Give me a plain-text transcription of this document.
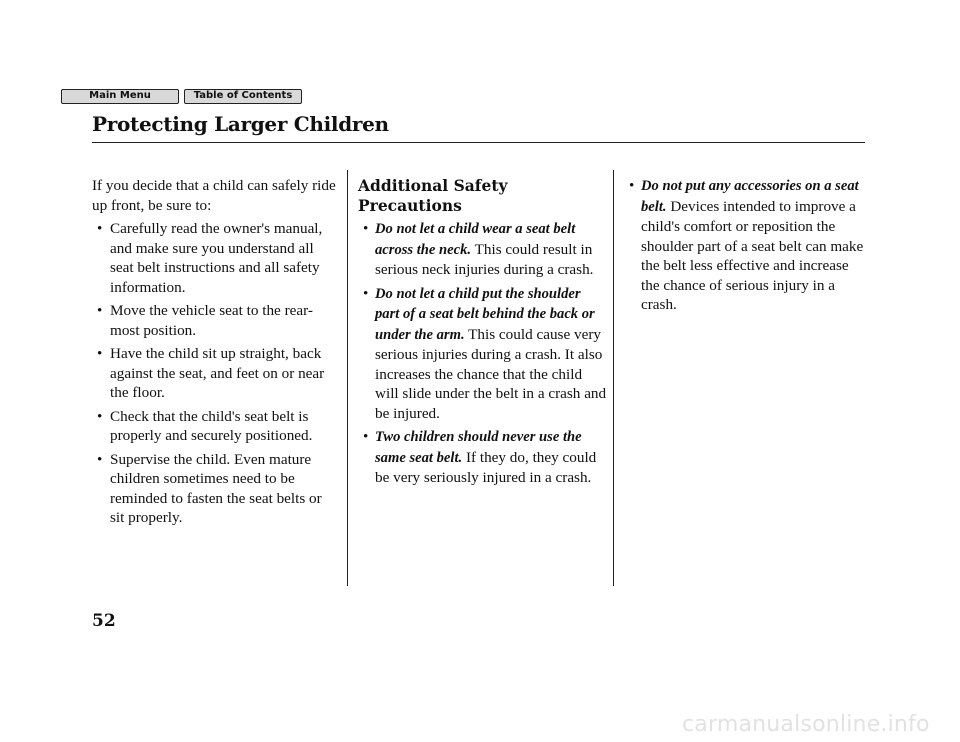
Main Menu	Table of Contents
Protecting Larger Children

If you decide that a child can safely ride up front, be sure to:

• Carefully read the owner's manual, and make sure you understand all seat belt instructions and all safety information.
• Move the vehicle seat to the rear-most position.
• Have the child sit up straight, back against the seat, and feet on or near the floor.
• Check that the child's seat belt is properly and securely positioned.
• Supervise the child. Even mature children sometimes need to be reminded to fasten the seat belts or sit properly.
Additional Safety Precautions
• Do not let a child wear a seat belt across the neck. This could result in serious neck injuries during a crash.
• Do not let a child put the shoulder part of a seat belt behind the back or under the arm. This could cause very serious injuries during a crash. It also increases the chance that the child will slide under the belt in a crash and be injured.
• Two children should never use the same seat belt. If they do, they could be very seriously injured in a crash.
• Do not put any accessories on a seat belt. Devices intended to improve a child's comfort or reposition the shoulder part of a seat belt can make the belt less effective and increase the chance of serious injury in a crash.
52
carmanualsonline.info
